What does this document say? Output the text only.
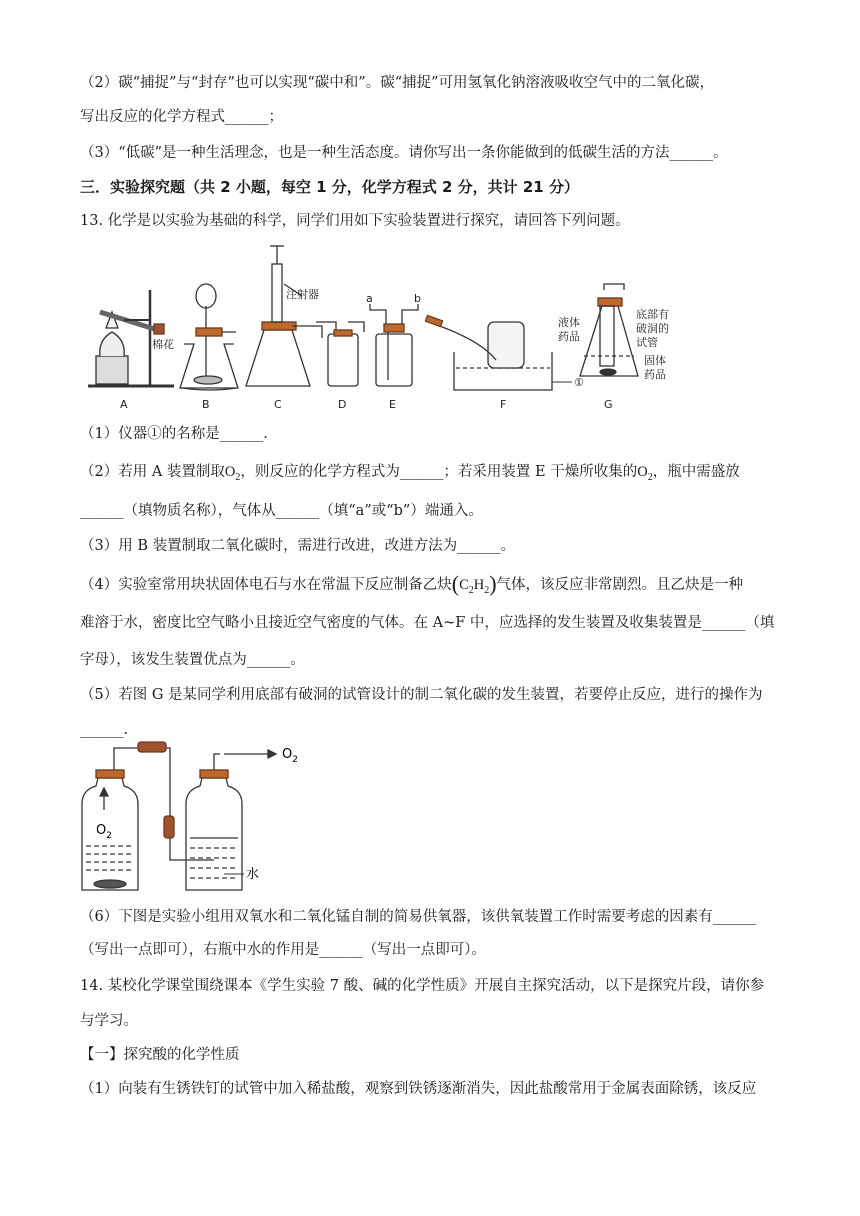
（2）碳“捕捉”与“封存”也可以实现“碳中和”。碳“捕捉”可用氢氧化钠溶液吸收空气中的二氧化碳，
写出反应的化学方程式______；
（3）“低碳”是一种生活理念，也是一种生活态度。请你写出一条你能做到的低碳生活的方法______。
三．实验探究题（共 2 小题，每空 1 分，化学方程式 2 分，共计 21 分）
13. 化学是以实验为基础的科学，同学们用如下实验装置进行探究，请回答下列问题。
A	B	C	D	E	F	G
棉花
注射器	a	b
①
液体
药品
底部有
破洞的
试管
固体
药品
（1）仪器①的名称是______.
（2）若用 A 装置制取$O_2$，则反应的化学方程式为______；若采用装置 E 干燥所收集的$O_2$，瓶中需盛放
______（填物质名称），气体从______（填“a”或“b”）端通入。
（3）用 B 装置制取二氧化碳时，需进行改进，改进方法为______。
（4）实验室常用块状固体电石与水在常温下反应制备乙炔$(C_2H_2)$气体，该反应非常剧烈。且乙炔是一种
难溶于水，密度比空气略小且接近空气密度的气体。在 A~F 中，应选择的发生装置及收集装置是______（填
字母），该发生装置优点为______。
（5）若图 G 是某同学利用底部有破洞的试管设计的制二氧化碳的发生装置，若要停止反应，进行的操作为
______.
$O_2$
$O_2$
水
（6）下图是实验小组用双氧水和二氧化锰自制的简易供氧器，该供氧装置工作时需要考虑的因素有______
（写出一点即可），右瓶中水的作用是______（写出一点即可）。
14. 某校化学课堂围绕课本《学生实验 7 酸、碱的化学性质》开展自主探究活动，以下是探究片段，请你参
与学习。
【一】探究酸的化学性质
（1）向装有生锈铁钉的试管中加入稀盐酸，观察到铁锈逐渐消失，因此盐酸常用于金属表面除锈，该反应
